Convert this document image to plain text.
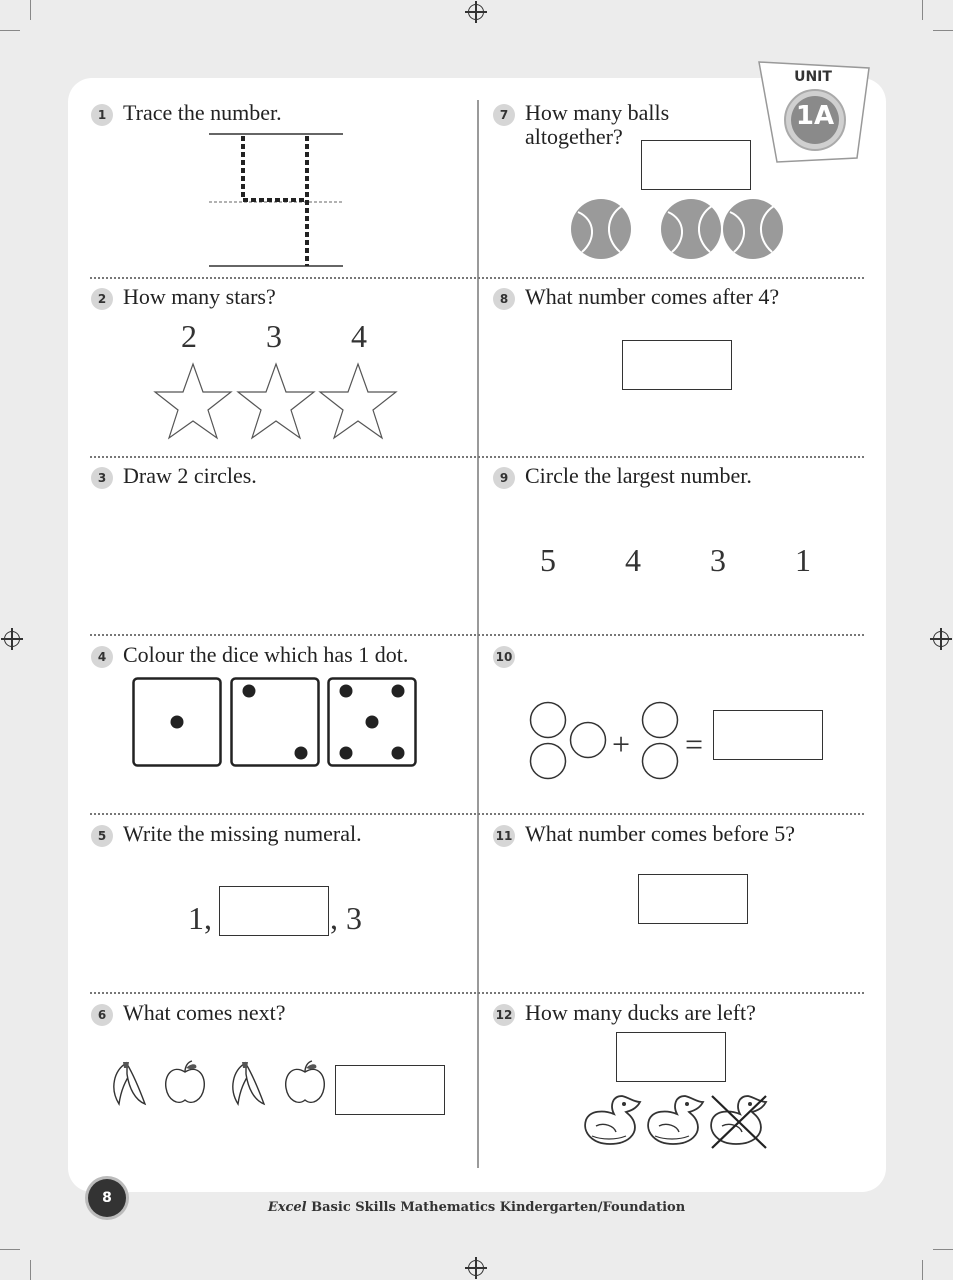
UNIT
1A
1 Trace the number.
2 How many stars?
2 3 4
3 Draw 2 circles.
4 Colour the dice which has 1 dot.
5 Write the missing numeral.
1,	, 3
6 What comes next?
7 How many balls
altogether?
8 What number comes after 4?
9 Circle the largest number.
5 4 3 1
10
+ =
11 What number comes before 5?
12 How many ducks are left?
8
Excel Basic Skills Mathematics Kindergarten/Foundation
